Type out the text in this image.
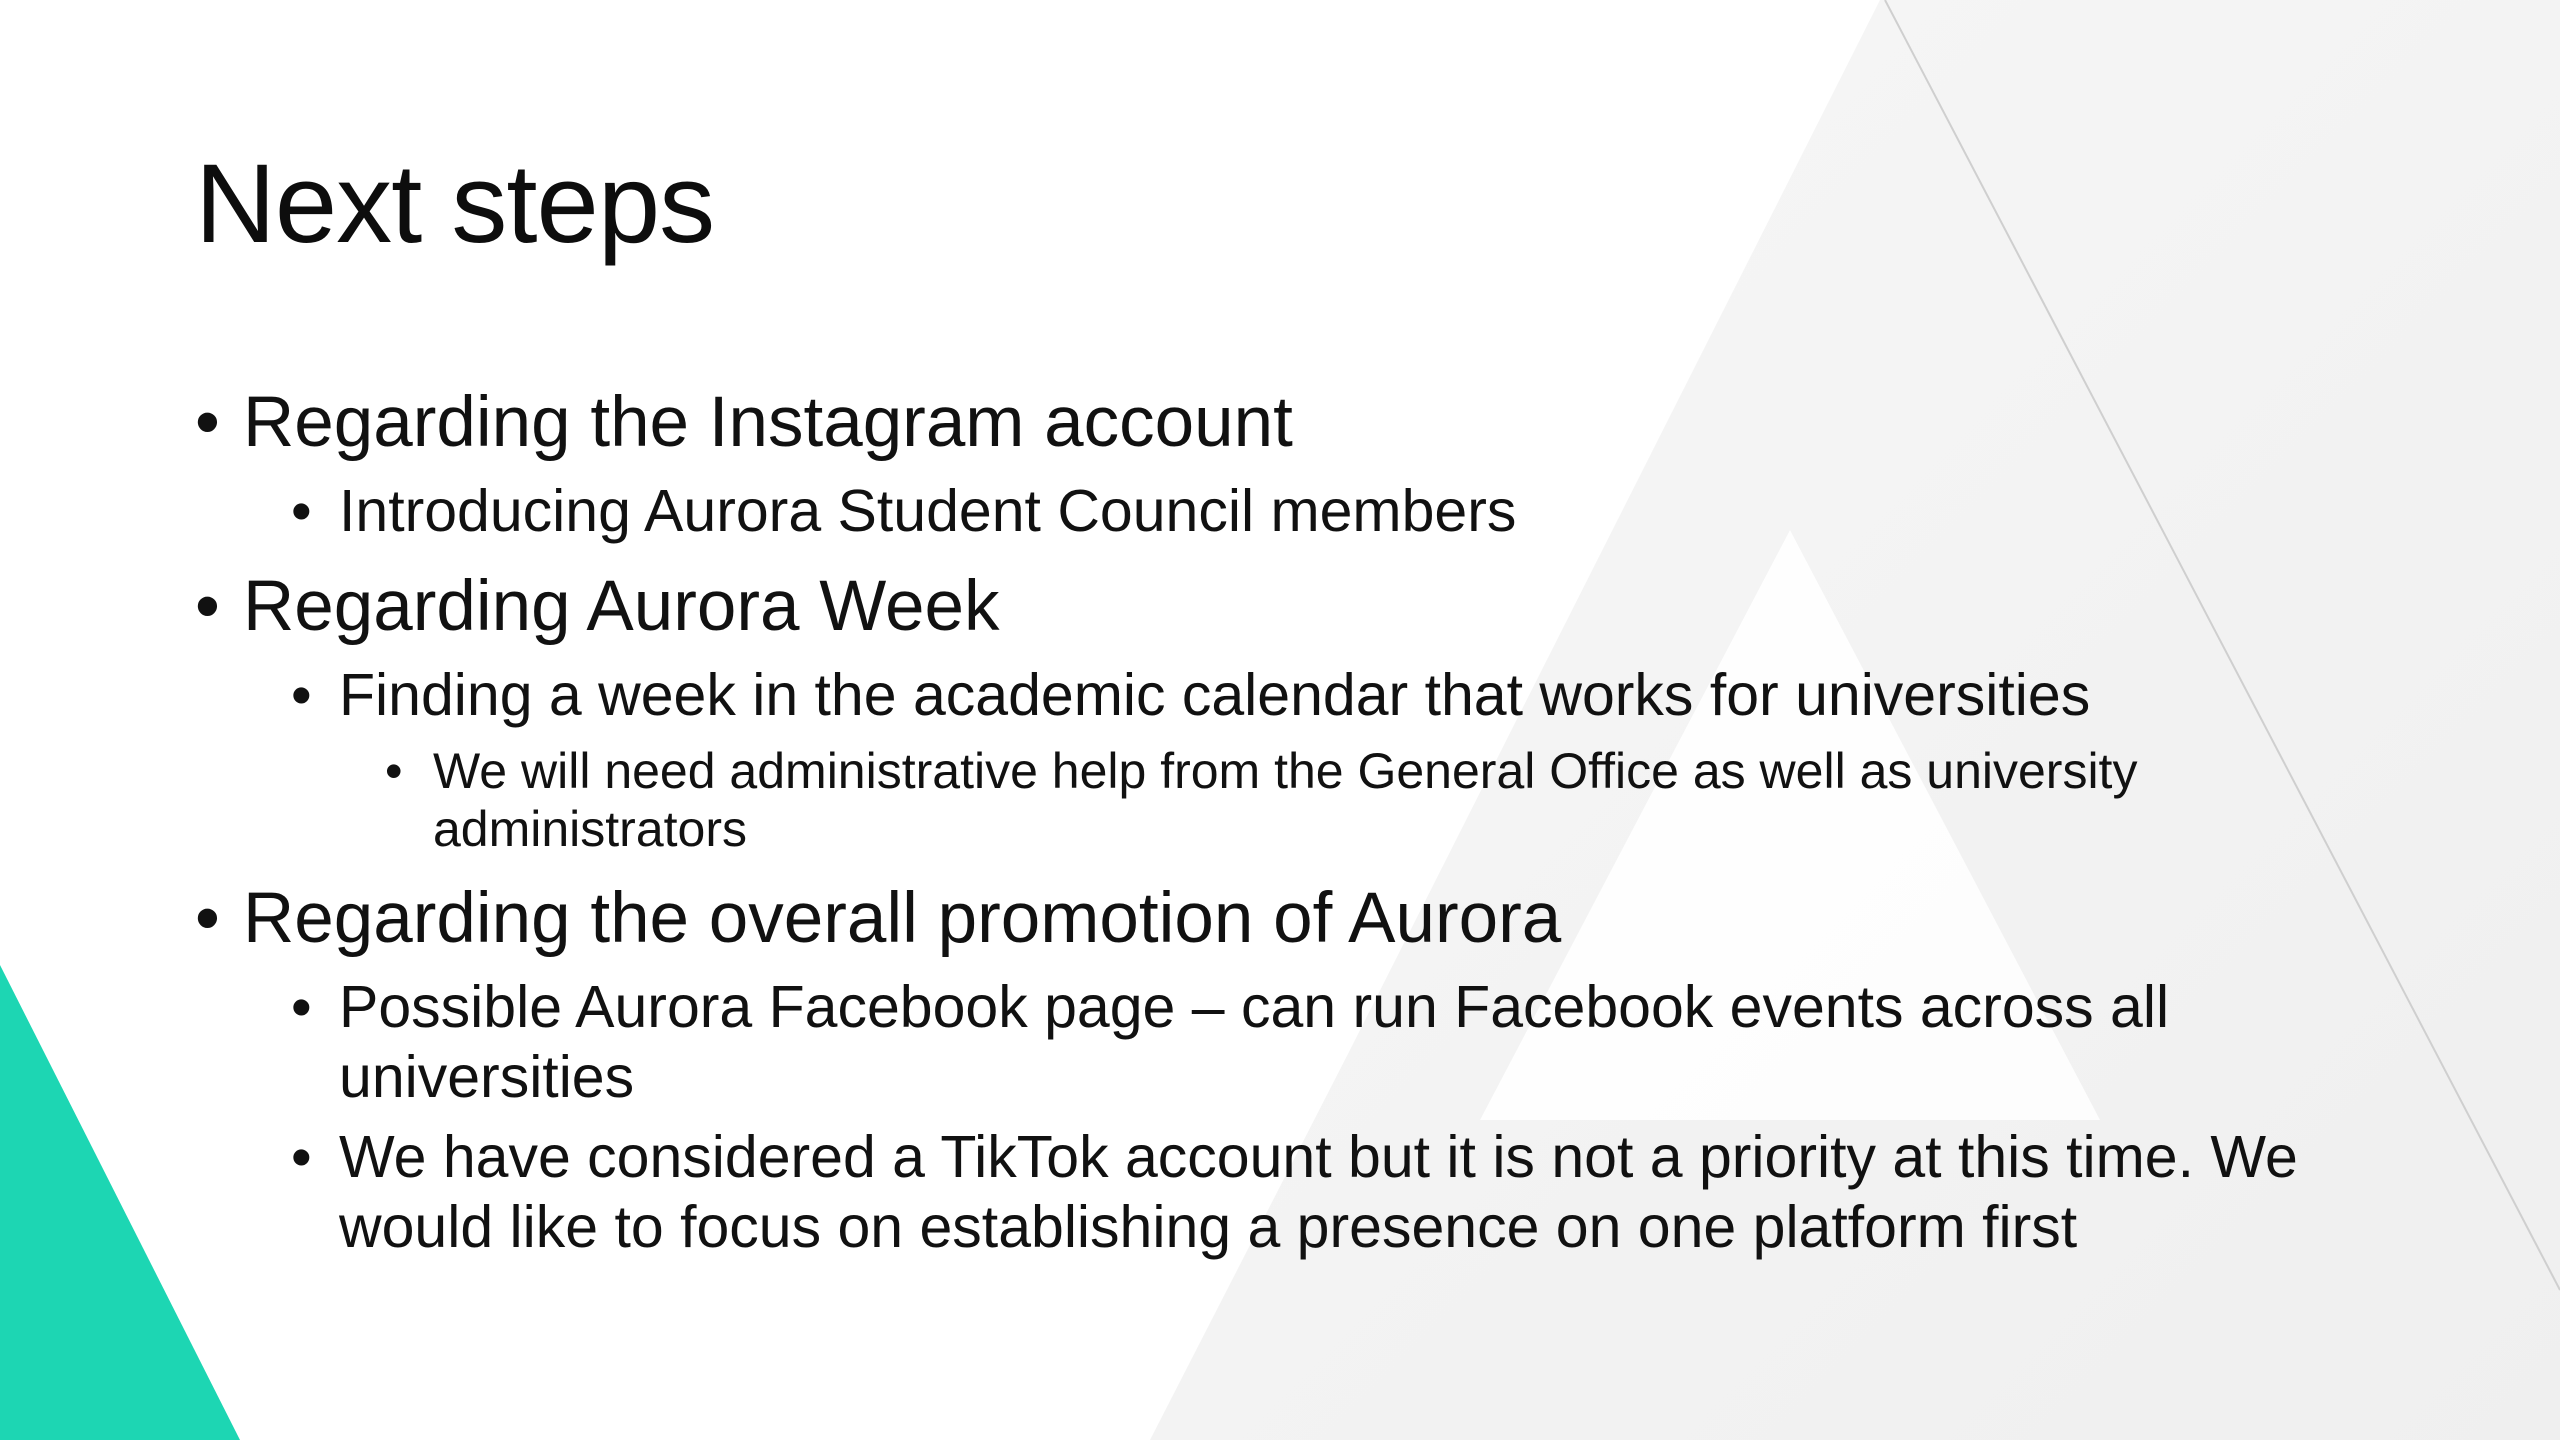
Next steps
• Regarding the Instagram account
• Introducing Aurora Student Council members
• Regarding Aurora Week
• Finding a week in the academic calendar that works for universities
• We will need administrative help from the General Office as well as university administrators
• Regarding the overall promotion of Aurora
• Possible Aurora Facebook page – can run Facebook events across all universities
• We have considered a TikTok account but it is not a priority at this time. We would like to focus on establishing a presence on one platform first
